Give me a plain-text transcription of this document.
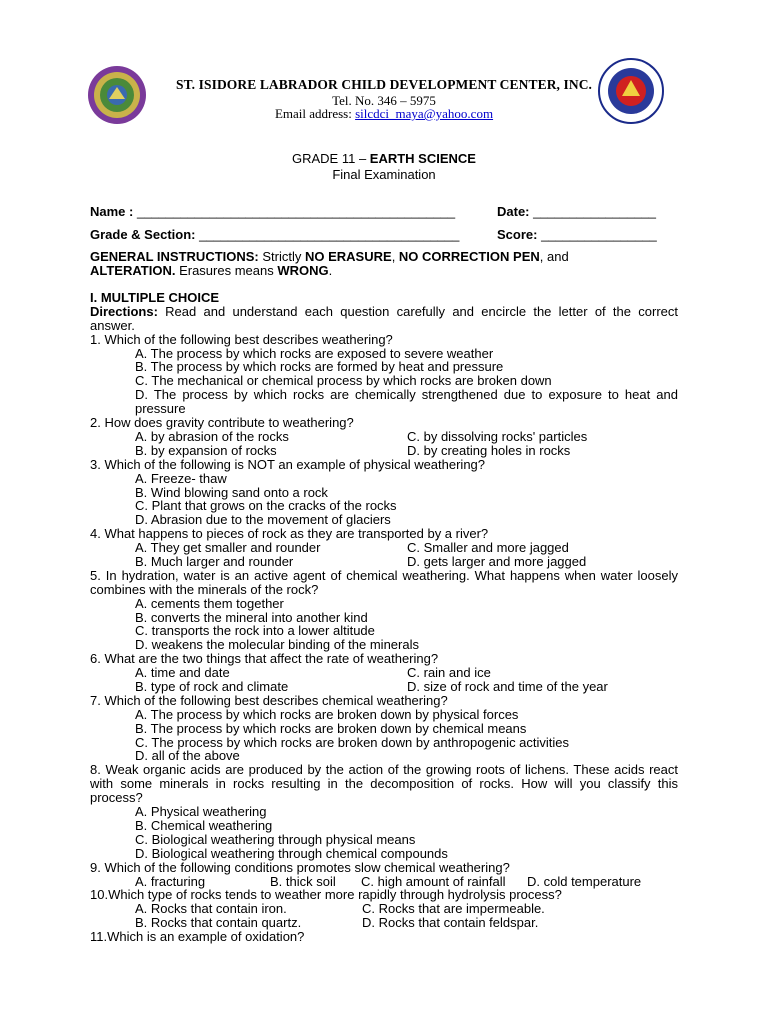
ST. ISIDORE LABRADOR CHILD DEVELOPMENT CENTER, INC.
Tel. No. 346 – 5975
Email address: silcdci_maya@yahoo.com
GRADE 11 – EARTH SCIENCE
Final Examination
Name : ____________________________________________	Date: _________________
Grade & Section: ____________________________________	Score: ________________
GENERAL INSTRUCTIONS: Strictly NO ERASURE, NO CORRECTION PEN, and
ALTERATION. Erasures means WRONG.
I. MULTIPLE CHOICE
Directions: Read and understand each question carefully and encircle the letter of the correct answer.
1. Which of the following best describes weathering?
A. The process by which rocks are exposed to severe weather
B. The process by which rocks are formed by heat and pressure
C. The mechanical or chemical process by which rocks are broken down
D. The process by which rocks are chemically strengthened due to exposure to heat and pressure
2. How does gravity contribute to weathering?
A. by abrasion of the rocks	C. by dissolving rocks' particles
B. by expansion of rocks	D. by creating holes in rocks
3. Which of the following is NOT an example of physical weathering?
A. Freeze- thaw
B. Wind blowing sand onto a rock
C. Plant that grows on the cracks of the rocks
D. Abrasion due to the movement of glaciers
4. What happens to pieces of rock as they are transported by a river?
A. They get smaller and rounder	C. Smaller and more jagged
B. Much larger and rounder	D. gets larger and more jagged
5. In hydration, water is an active agent of chemical weathering. What happens when water loosely combines with the minerals of the rock?
A. cements them together
B. converts the mineral into another kind
C. transports the rock into a lower altitude
D. weakens the molecular binding of the minerals
6. What are the two things that affect the rate of weathering?
A. time and date	C. rain and ice
B. type of rock and climate	D. size of rock and time of the year
7. Which of the following best describes chemical weathering?
A. The process by which rocks are broken down by physical forces
B. The process by which rocks are broken down by chemical means
C. The process by which rocks are broken down by anthropogenic activities
D. all of the above
8. Weak organic acids are produced by the action of the growing roots of lichens. These acids react with some minerals in rocks resulting in the decomposition of rocks. How will you classify this process?
A. Physical weathering
B. Chemical weathering
C. Biological weathering through physical means
D. Biological weathering through chemical compounds
9. Which of the following conditions promotes slow chemical weathering?
A. fracturing	B. thick soil C. high amount of rainfall D. cold temperature
10.Which type of rocks tends to weather more rapidly through hydrolysis process?
A. Rocks that contain iron.	C. Rocks that are impermeable.
B. Rocks that contain quartz.	D. Rocks that contain feldspar.
11.Which is an example of oxidation?
